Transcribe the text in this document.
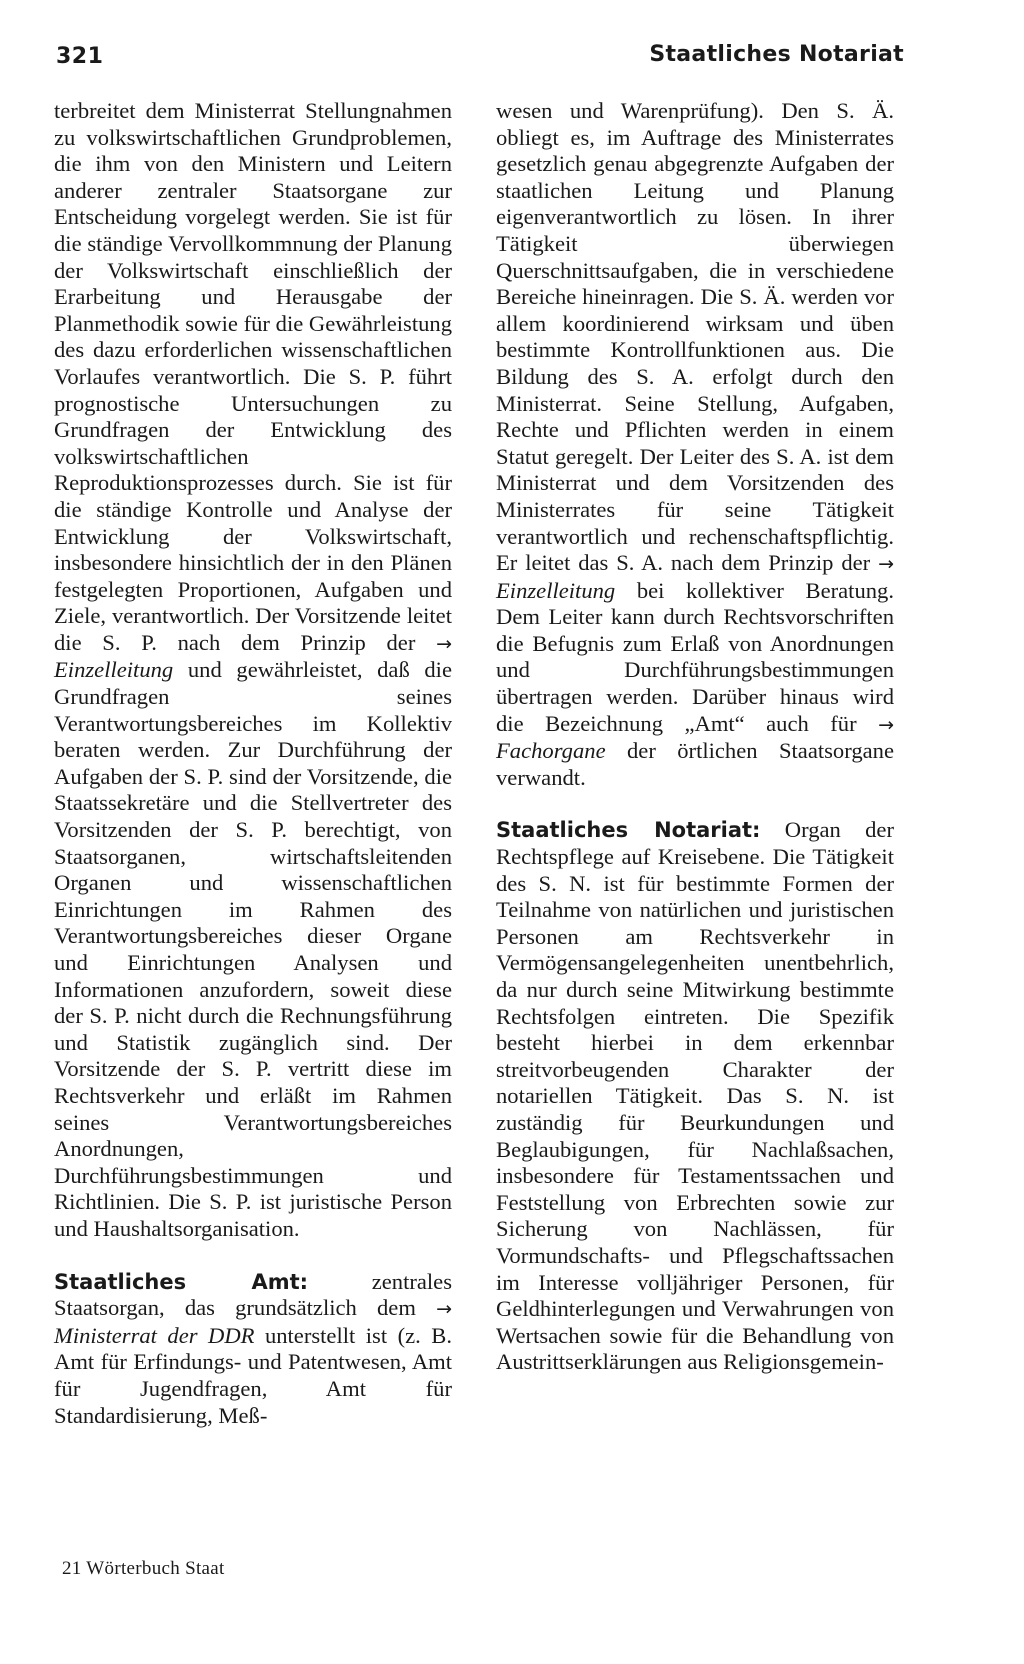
321	Staatliches Notariat

terbreitet dem Ministerrat Stellungnahmen zu volkswirtschaftlichen Grundproblemen, die ihm von den Ministern und Leitern anderer zentraler Staatsorgane zur Entscheidung vorgelegt werden. Sie ist für die ständige Vervollkommnung der Planung der Volkswirtschaft einschließlich der Erarbeitung und Herausgabe der Planmethodik sowie für die Gewährleistung des dazu erforderlichen wissenschaftlichen Vorlaufes verantwortlich. Die S. P. führt prognostische Untersuchungen zu Grundfragen der Entwicklung des volkswirtschaftlichen Reproduktionsprozesses durch. Sie ist für die ständige Kontrolle und Analyse der Entwicklung der Volkswirtschaft, insbesondere hinsichtlich der in den Plänen festgelegten Proportionen, Aufgaben und Ziele, verantwortlich. Der Vorsitzende leitet die S. P. nach dem Prinzip der → Einzelleitung und gewährleistet, daß die Grundfragen seines Verantwortungsbereiches im Kollektiv beraten werden. Zur Durchführung der Aufgaben der S. P. sind der Vorsitzende, die Staatssekretäre und die Stellvertreter des Vorsitzenden der S. P. berechtigt, von Staatsorganen, wirtschaftsleitenden Organen und wissenschaftlichen Einrichtungen im Rahmen des Verantwortungsbereiches dieser Organe und Einrichtungen Analysen und Informationen anzufordern, soweit diese der S. P. nicht durch die Rechnungsführung und Statistik zugänglich sind. Der Vorsitzende der S. P. vertritt diese im Rechtsverkehr und erläßt im Rahmen seines Verantwortungsbereiches Anordnungen, Durchführungsbestimmungen und Richtlinien. Die S. P. ist juristische Person und Haushaltsorganisation.

Staatliches Amt:	zentrales Staatsorgan, das grundsätzlich dem → Ministerrat der DDR unterstellt ist (z. B. Amt für Erfindungs- und Patentwesen, Amt für Jugendfragen, Amt für Standardisierung, Meß-

wesen und Warenprüfung). Den S. Ä. obliegt es, im Auftrage des Ministerrates gesetzlich genau abgegrenzte Aufgaben der staatlichen Leitung und Planung eigenverantwortlich zu lösen. In ihrer Tätigkeit überwiegen Querschnittsaufgaben, die in verschiedene Bereiche hineinragen. Die S. Ä. werden vor allem koordinierend wirksam und üben bestimmte Kontrollfunktionen aus. Die Bildung des S. A. erfolgt durch den Ministerrat. Seine Stellung, Aufgaben, Rechte und Pflichten werden in einem Statut geregelt. Der Leiter des S. A. ist dem Ministerrat und dem Vorsitzenden des Ministerrates für seine Tätigkeit verantwortlich und rechenschaftspflichtig. Er leitet das S. A. nach dem Prinzip der → Einzelleitung bei kollektiver Beratung. Dem Leiter kann durch Rechtsvorschriften die Befugnis zum Erlaß von Anordnungen und Durchführungsbestimmungen übertragen werden. Darüber hinaus wird die Bezeichnung „Amt“ auch für → Fachorgane der örtlichen Staatsorgane verwandt.

Staatliches Notariat: Organ der Rechtspflege auf Kreisebene. Die Tätigkeit des S. N. ist für bestimmte Formen der Teilnahme von natürlichen und juristischen Personen am Rechtsverkehr in Vermögensangelegenheiten unentbehrlich, da nur durch seine Mitwirkung bestimmte Rechtsfolgen eintreten. Die Spezifik besteht hierbei in dem erkennbar streitvorbeugenden Charakter der notariellen Tätigkeit. Das S. N. ist zuständig für Beurkundungen und Beglaubigungen, für Nachlaßsachen, insbesondere für Testamentssachen und Feststellung von Erbrechten sowie zur Sicherung von Nachlässen, für Vormundschafts- und Pflegschaftssachen im Interesse volljähriger Personen, für Geldhinterlegungen und Verwahrungen von Wertsachen sowie für die Behandlung von Austrittserklärungen aus Religionsgemein-

21 Wörterbuch Staat
